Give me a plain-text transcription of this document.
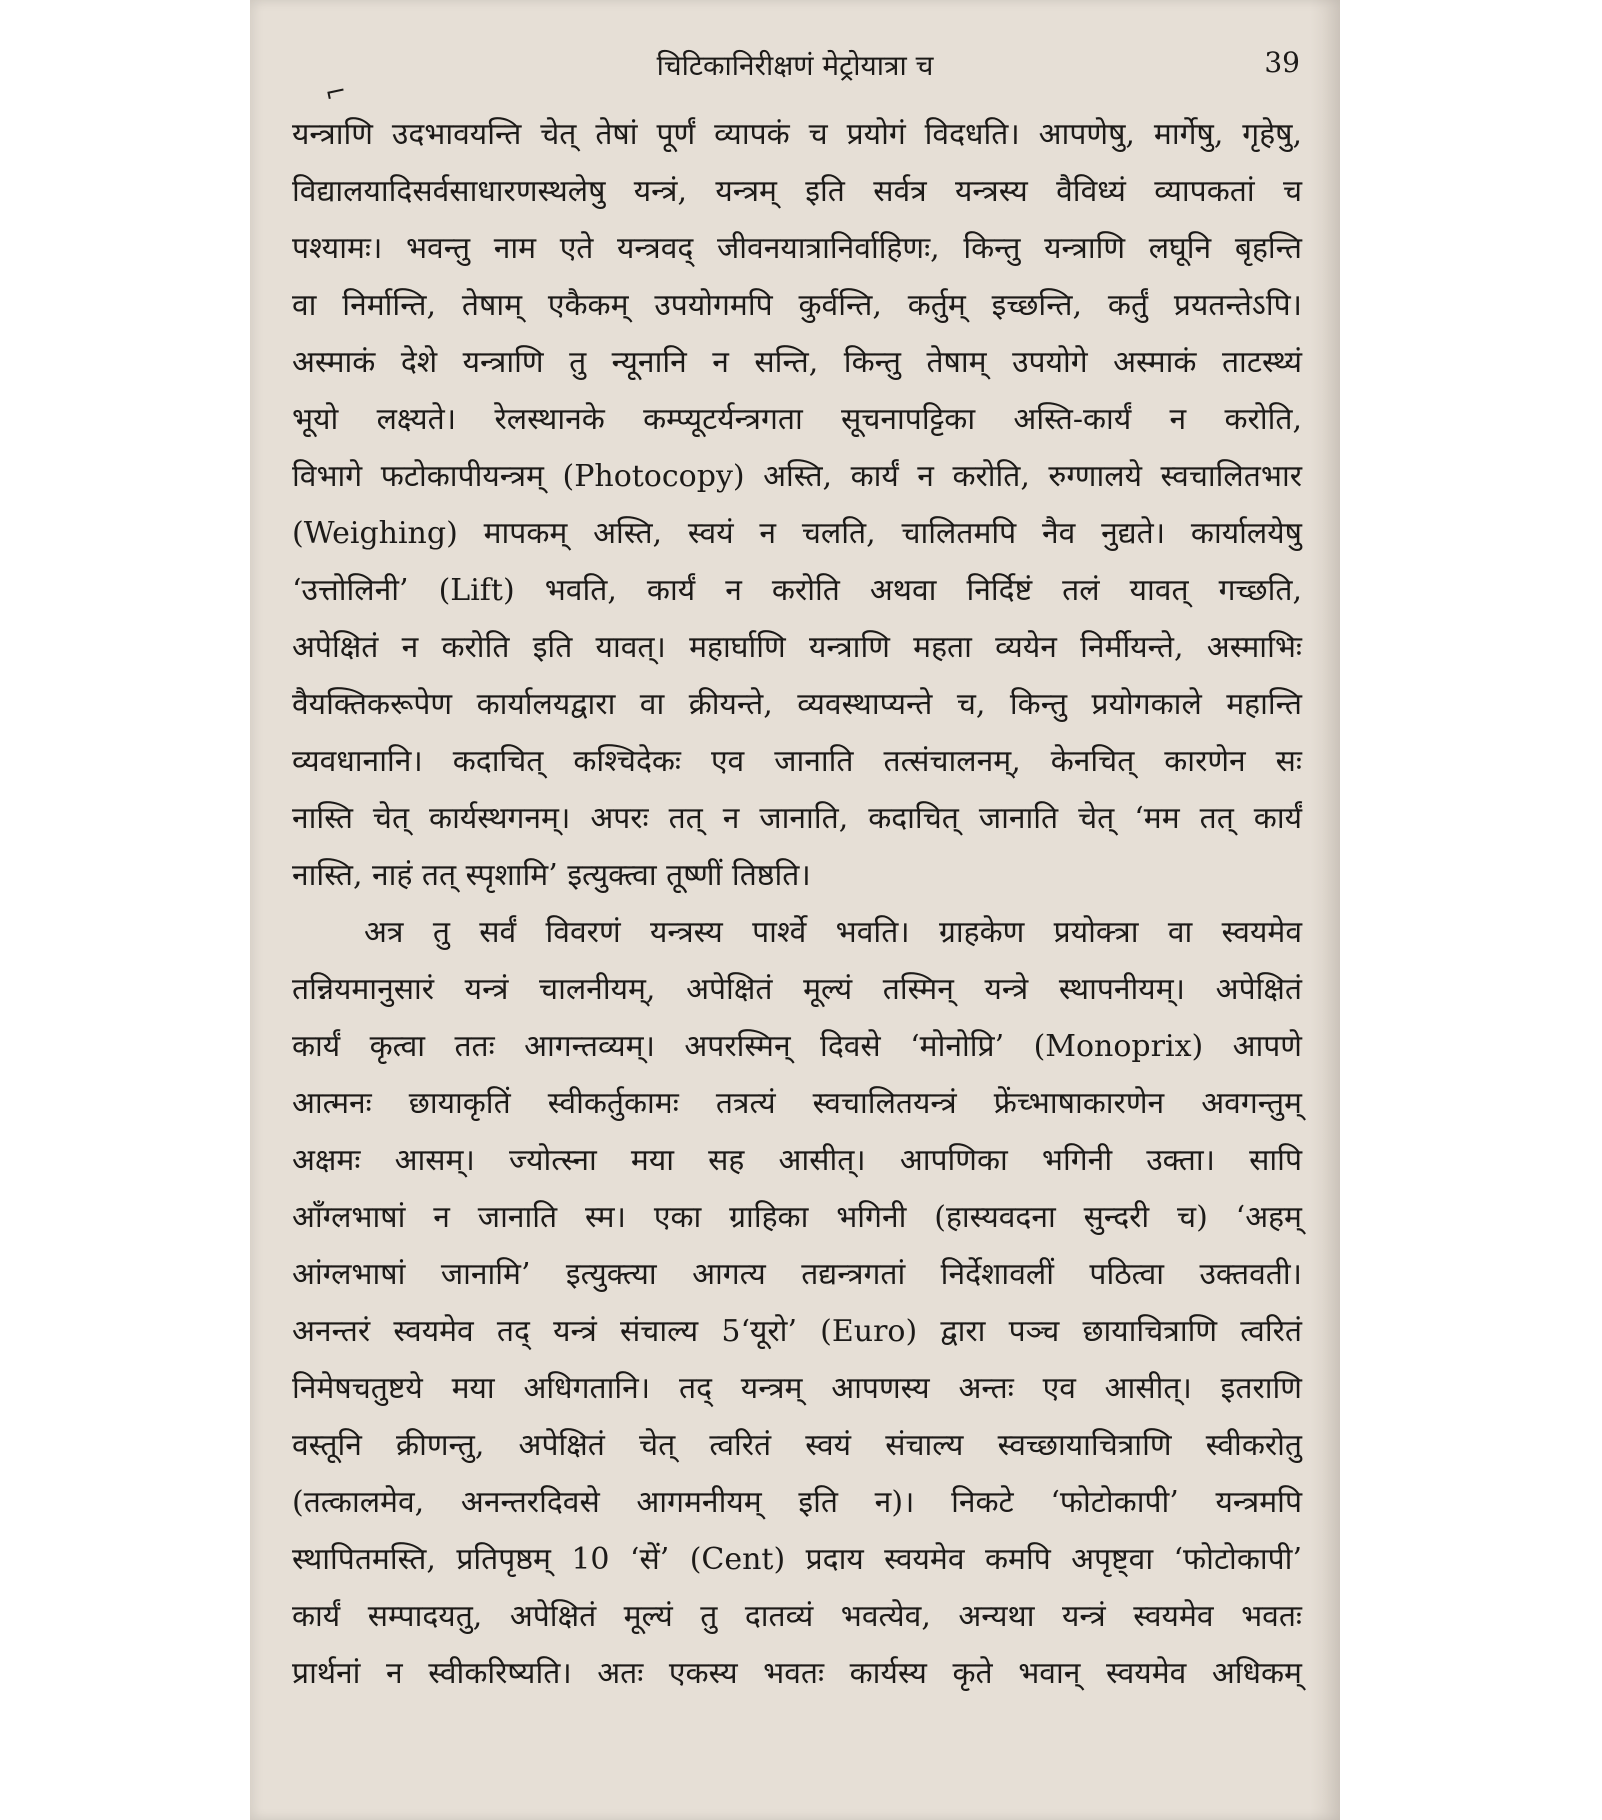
चिटिकानिरीक्षणं मेट्रोयात्रा च	39
⌐
यन्त्राणि उदभावयन्ति चेत् तेषां पूर्णं व्यापकं च प्रयोगं विदधति। आपणेषु, मार्गेषु, गृहेषु,
विद्यालयादिसर्वसाधारणस्थलेषु यन्त्रं, यन्त्रम् इति सर्वत्र यन्त्रस्य वैविध्यं व्यापकतां च
पश्यामः। भवन्तु नाम एते यन्त्रवद् जीवनयात्रानिर्वाहिणः, किन्तु यन्त्राणि लघूनि बृहन्ति
वा निर्मान्ति, तेषाम् एकैकम् उपयोगमपि कुर्वन्ति, कर्तुम् इच्छन्ति, कर्तुं प्रयतन्तेऽपि।
अस्माकं देशे यन्त्राणि तु न्यूनानि न सन्ति, किन्तु तेषाम् उपयोगे अस्माकं ताटस्थ्यं
भूयो लक्ष्यते। रेलस्थानके कम्प्यूटर्यन्त्रगता सूचनापट्टिका अस्ति-कार्यं न करोति,
विभागे फटोकापीयन्त्रम् (Photocopy) अस्ति, कार्यं न करोति, रुग्णालये स्वचालितभार
(Weighing) मापकम् अस्ति, स्वयं न चलति, चालितमपि नैव नुद्यते। कार्यालयेषु
‘उत्तोलिनी’ (Lift) भवति, कार्यं न करोति अथवा निर्दिष्टं तलं यावत् गच्छति,
अपेक्षितं न करोति इति यावत्। महार्घाणि यन्त्राणि महता व्ययेन निर्मीयन्ते, अस्माभिः
वैयक्तिकरूपेण कार्यालयद्वारा वा क्रीयन्ते, व्यवस्थाप्यन्ते च, किन्तु प्रयोगकाले महान्ति
व्यवधानानि। कदाचित् कश्चिदेकः एव जानाति तत्संचालनम्, केनचित् कारणेन सः
नास्ति चेत् कार्यस्थगनम्। अपरः तत् न जानाति, कदाचित् जानाति चेत् ‘मम तत् कार्यं
नास्ति, नाहं तत् स्पृशामि’ इत्युक्त्वा तूष्णीं तिष्ठति।
अत्र तु सर्वं विवरणं यन्त्रस्य पार्श्वे भवति। ग्राहकेण प्रयोक्त्रा वा स्वयमेव
तन्नियमानुसारं यन्त्रं चालनीयम्, अपेक्षितं मूल्यं तस्मिन् यन्त्रे स्थापनीयम्। अपेक्षितं
कार्यं कृत्वा ततः आगन्तव्यम्। अपरस्मिन् दिवसे ‘मोनोप्रि’ (Monoprix) आपणे
आत्मनः छायाकृतिं स्वीकर्तुकामः तत्रत्यं स्वचालितयन्त्रं फ्रेंच्भाषाकारणेन अवगन्तुम्
अक्षमः आसम्। ज्योत्स्ना मया सह आसीत्। आपणिका भगिनी उक्ता। सापि
आँग्लभाषां न जानाति स्म। एका ग्राहिका भगिनी (हास्यवदना सुन्दरी च) ‘अहम्
आंग्लभाषां जानामि’ इत्युक्त्या आगत्य तद्यन्त्रगतां निर्देशावलीं पठित्वा उक्तवती।
अनन्तरं स्वयमेव तद् यन्त्रं संचाल्य 5‘यूरो’ (Euro) द्वारा पञ्च छायाचित्राणि त्वरितं
निमेषचतुष्टये मया अधिगतानि। तद् यन्त्रम् आपणस्य अन्तः एव आसीत्। इतराणि
वस्तूनि क्रीणन्तु, अपेक्षितं चेत् त्वरितं स्वयं संचाल्य स्वच्छायाचित्राणि स्वीकरोतु
(तत्कालमेव, अनन्तरदिवसे आगमनीयम् इति न)। निकटे ‘फोटोकापी’ यन्त्रमपि
स्थापितमस्ति, प्रतिपृष्ठम् 10 ‘सें’ (Cent) प्रदाय स्वयमेव कमपि अपृष्ट्वा ‘फोटोकापी’
कार्यं सम्पादयतु, अपेक्षितं मूल्यं तु दातव्यं भवत्येव, अन्यथा यन्त्रं स्वयमेव भवतः
प्रार्थनां न स्वीकरिष्यति। अतः एकस्य भवतः कार्यस्य कृते भवान् स्वयमेव अधिकम्
